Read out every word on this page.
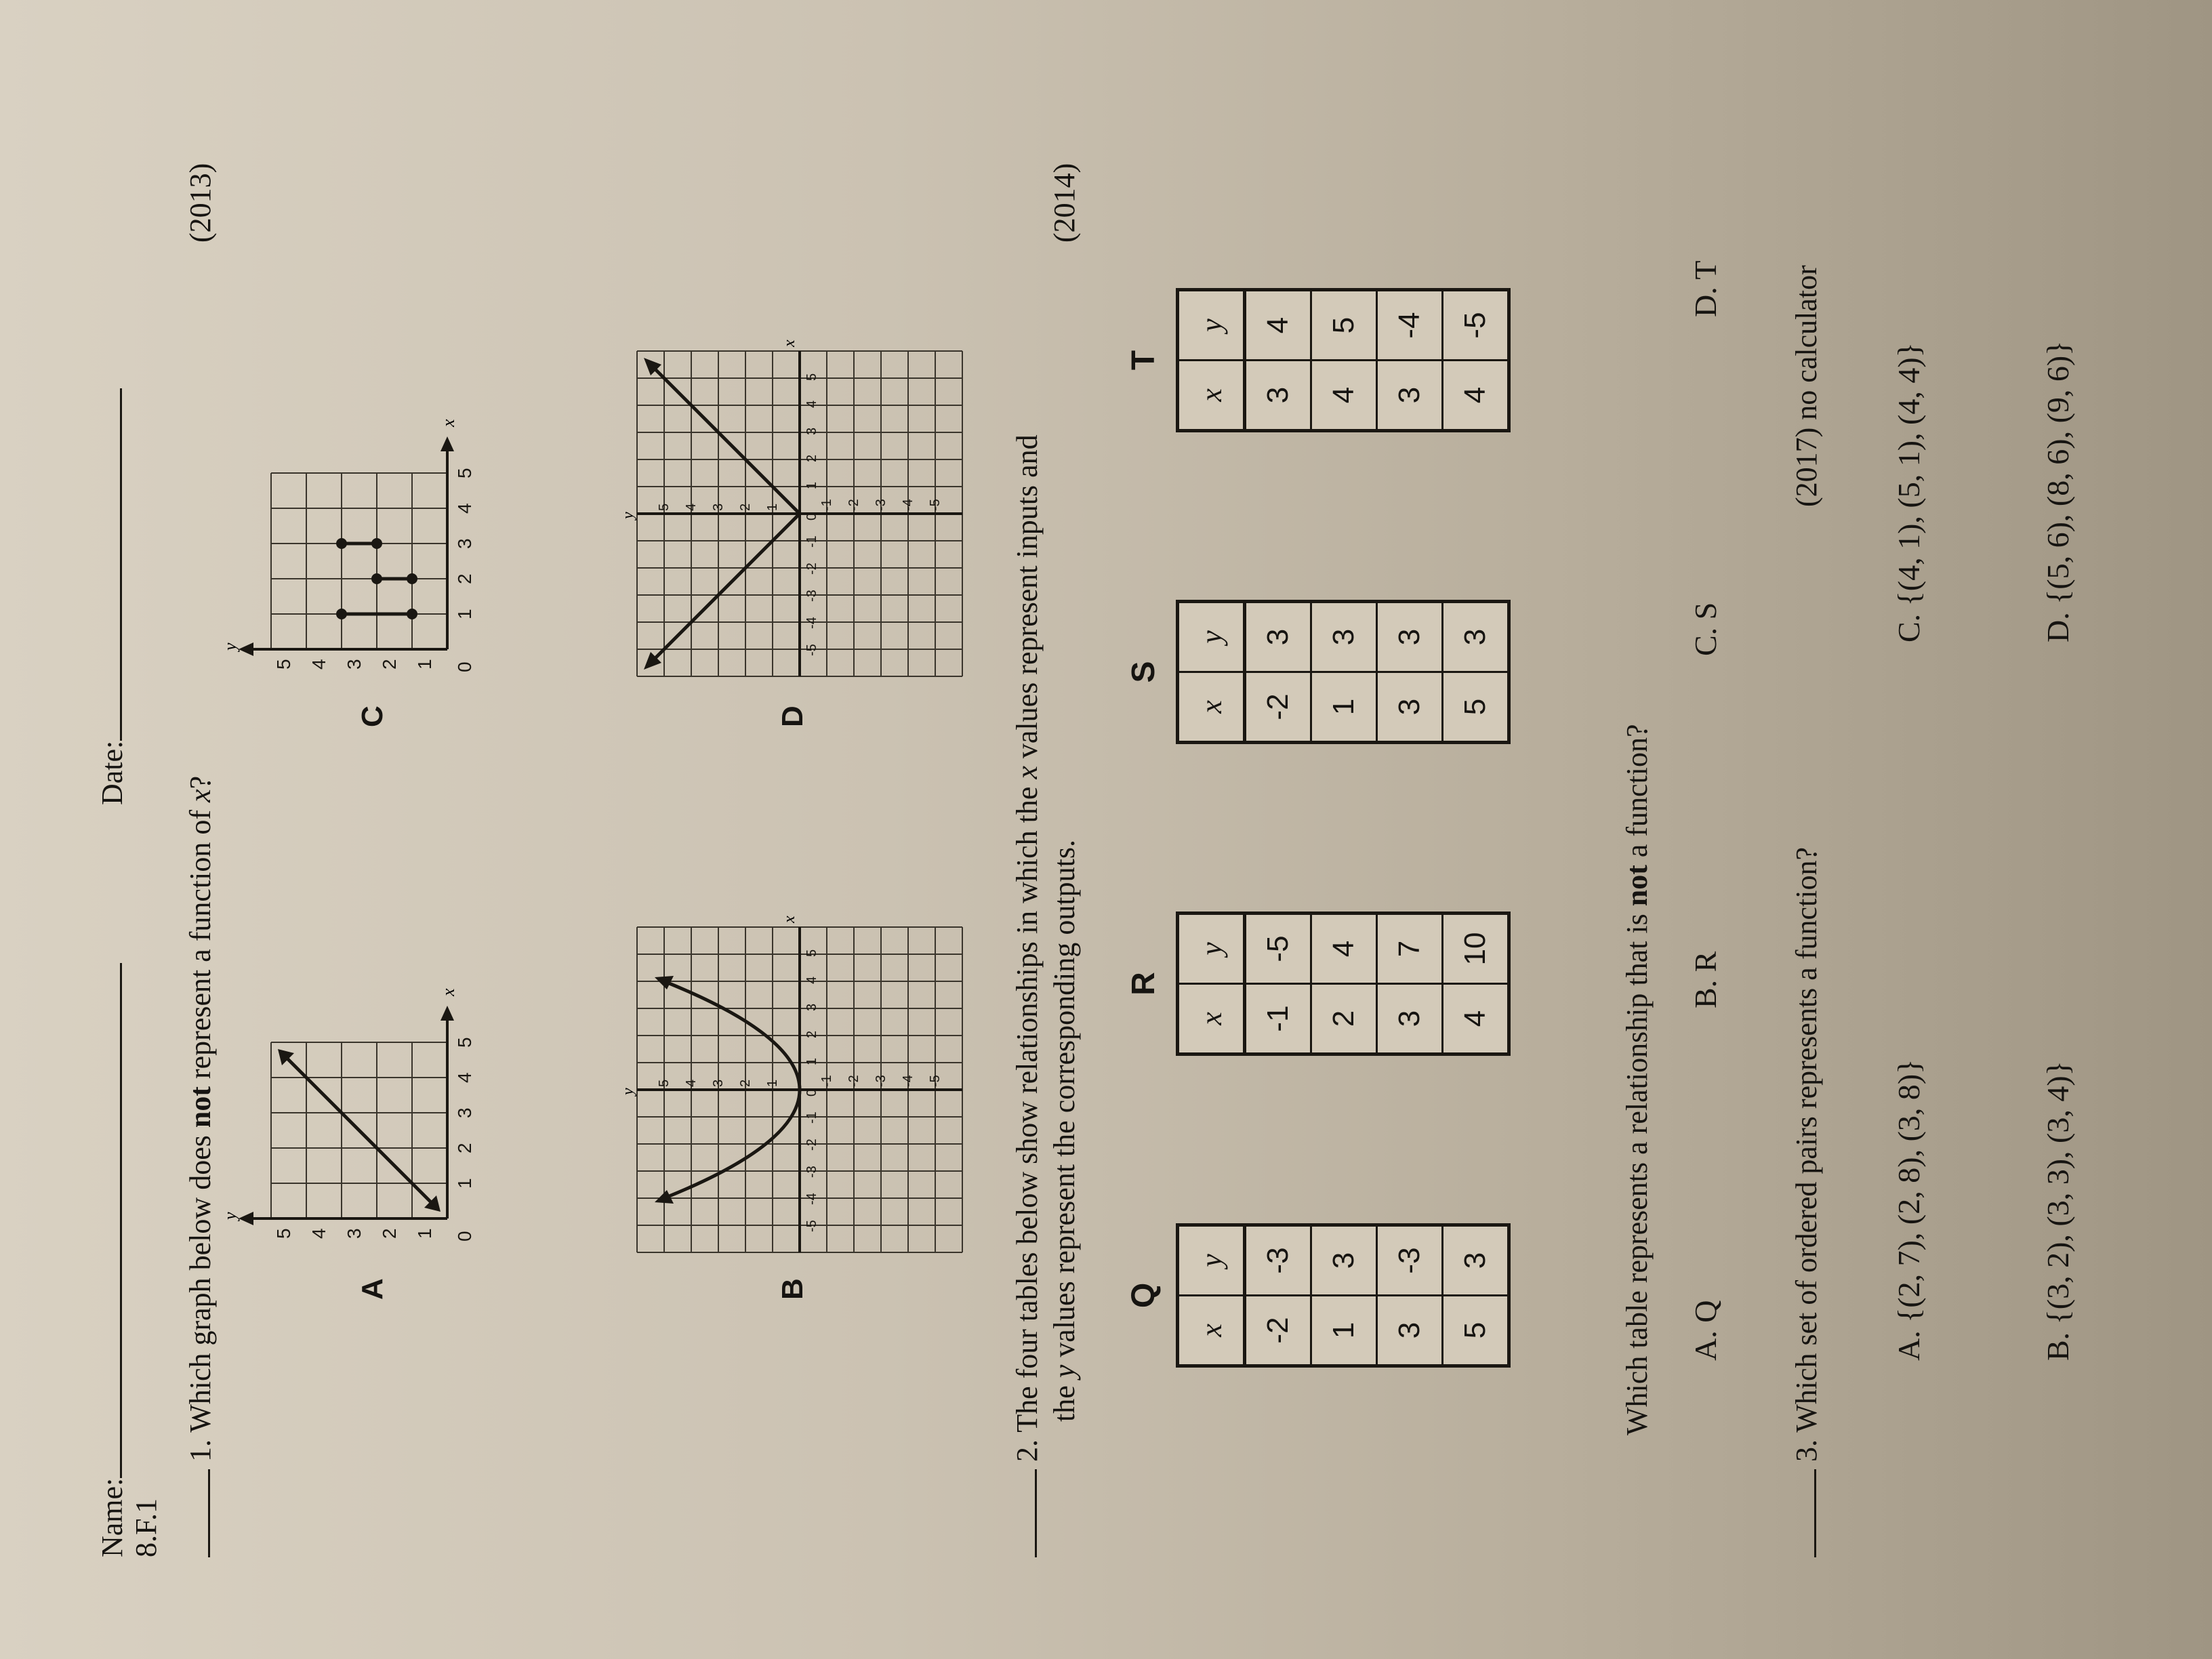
Name: 8.F.1
Date:
1. Which graph below does not represent a function of x?
(2013)
A
y
x
0
1
2
3
4
5
1
2
3
4
5
B
y
x
-5
-4
-3
-2
-1
0
1
2
3
4
5
1
2
3
4
5	-1 -2 -3 -4 -5
C
y
x
0
1
2
3
4
5
1
2
3
4
5
D
y
x
-5
-4
-3
-2
-1
0
1
2
3
4
5
1
2
3
4
5	-1 -2 -3 -4 -5
2. The four tables below show relationships in which the x values represent inputs and
the y values represent the corresponding outputs.
(2014)
Q
x	y
-2	-3
1	3
3	-3
5	3
R
x	y
-1	-5
2	4
3	7
4	10
S
x	y
-2	3
1	3
3	3
5	3
T
x	y
3	4
4	5
3	-4
4	-5
Which table represents a relationship that is not a function?
A. Q
B. R
C. S
D. T
3. Which set of ordered pairs represents a function?
(2017) no calculator
A. {(2, 7), (2, 8), (3, 8)}
C. {(4, 1), (5, 1), (4, 4)}
B. {(3, 2), (3, 3), (3, 4)}
D. {(5, 6), (8, 6), (9, 6)}
